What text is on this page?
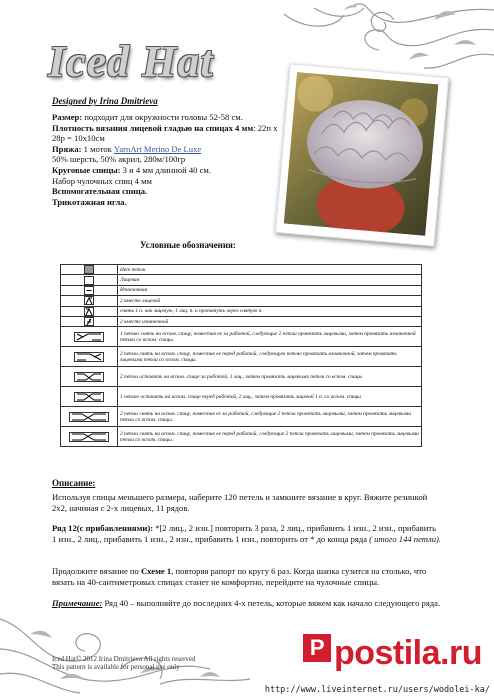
Iced Hat
Designed by Irina Dmitrieva
Размер: подходит для окружности головы 52-58 см.
Плотность вязания лицевой гладью на спицах 4 мм: 22п х 28р = 10х10см
Пряжа: 1 моток YarnArt Merino De Luxe
50% шерсть, 50% акрил, 280м/100гр
Круговые спицы: 3 и 4 мм длинной 40 см.
Набор чулочных спиц 4 мм
Вспомогательная спица.
Трикотажная игла.
Условные обозначения:
	Нет петли

	Лицевая

	Изнаночная

	2 вместе лицевой

	снять 1 п. как лицевую, 1 лиц. п. и протянуть через снятую п.

	2 вместе изнаночной

	1 петлю снять на вспом. спицу, поместив ее за работой, следующие 2 петли провязать лицевыми, затем провязать изнаночной петлю со вспом. спицы.

	2 петли снять на вспом. спицу, поместив ее перед работой, следующую петлю провязать изнаночной, затем провязать лицевыми петли со вспом. спицы.

	2 петли оставить на вспом. спице за работой, 1 лиц., затем провязать лицевыми петли со вспом. спицы

	1 петлю оставить на вспом. спице перед работой, 2 лиц., затем провязать лицевой 1 п. со вспом. спицы

	2 петли снять на вспом. спицу, поместив ее за работой, следующие 2 петли провязать лицевыми, затем провязать лицевыми петли со вспом. спицы.

	2 петли снять на вспом. спицу, поместив ее перед работой, следующие 2 петли провязать лицевыми, затем провязать лицевыми петли со вспом. спицы.
Описание:
Используя спицы меньшего размера, наберите 120 петель и замкните вязание в круг. Вяжите резинкой 2х2, начиная с 2-х лицевых, 11 рядов.
Ряд 12(с прибавлениями): *[2 лиц., 2 изн.] повторить 3 раза, 2 лиц., прибавить 1 изн., 2 изн., прибавить 1 изн., 2 лиц., прибавить 1 изн., 2 изн., прибавить 1 изн., повторить от * до конца ряда ( итого 144 петли).
Продолжите вязание по Схеме 1, повторяя рапорт по кругу 6 раз. Когда шапка сузится на столько, что вязать на 40-сантиметровых спицах станет не комфортно, перейдите на чулочные спицы.
Примечание: Ряд 40 – выполняйте до последних 4-х петель, которые вяжем как начало следующего ряда.
Iced Hat© 2012 Irina Dmitrieva All rights reserved
This pattern is available for personal use only
P postila.ru
http://www.liveinternet.ru/users/wodolei-ka/
